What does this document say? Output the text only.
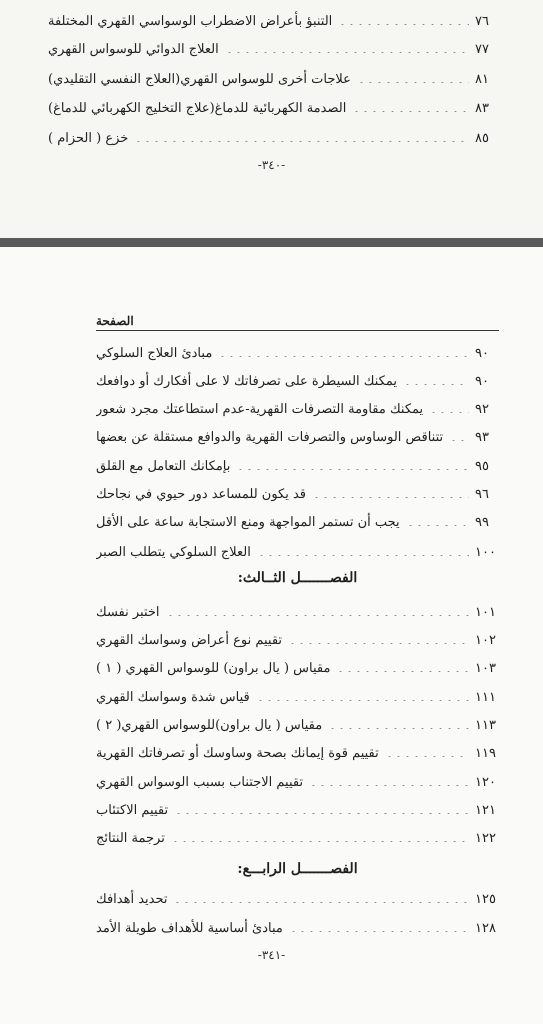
التنبؤ بأعراض الاضطراب الوسواسي القهري المختلفة	٧٦
العلاج الدوائي للوسواس القهري	٧٧
علاجات أخرى للوسواس القهري(العلاج النفسي التقليدي)	٨١
الصدمة الكهربائية للدماغ(علاج التخليج الكهربائي للدماغ)	٨٣
خزع ( الحزام )	٨٥
-٣٤٠-
الصفحة
مبادئ العلاج السلوكي	٩٠
يمكنك السيطرة على تصرفاتك لا على أفكارك أو دوافعك	٩٠
يمكنك مقاومة التصرفات القهرية-عدم استطاعتك مجرد شعور	٩٢
تتناقص الوساوس والتصرفات القهرية والدوافع مستقلة عن بعضها ٩٣
بإمكانك التعامل مع القلق	٩٥
قد يكون للمساعد دور حيوي في نجاحك	٩٦
يجب أن تستمر المواجهة ومنع الاستجابة ساعة على الأقل	٩٩
العلاج السلوكي يتطلب الصبر	١٠٠
اختبر نفسك	١٠١
تقييم نوع أعراض وسواسك القهري	١٠٢
مقياس ( يال براون) للوسواس القهري ( ١ )	١٠٣
قياس شدة وسواسك القهري	١١١
مقياس ( يال براون)للوسواس القهري( ٢ )	١١٣
تقييم قوة إيمانك بصحة وساوسك أو تصرفاتك القهرية	١١٩
تقييم الاجتناب بسبب الوسواس القهري	١٢٠
تقييم الاكتئاب	١٢١
ترجمة النتائج	١٢٢
تحديد أهدافك	١٢٥
مبادئ أساسية للأهداف طويلة الأمد	١٢٨
الفصـــــــل الثــالث:
الفصـــــــل الرابـــع:
-٣٤١-
